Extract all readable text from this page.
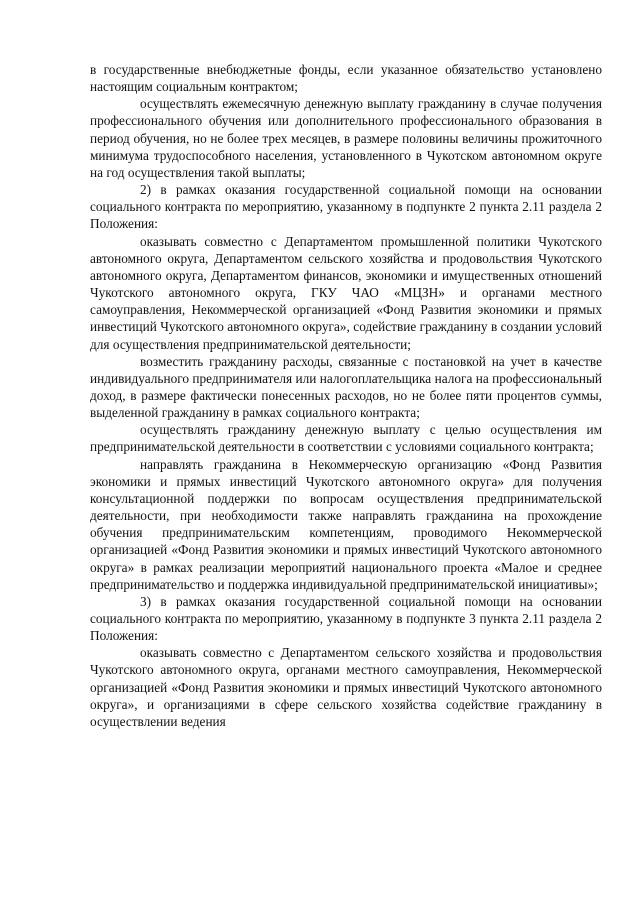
в государственные внебюджетные фонды, если указанное обязательство установлено настоящим социальным контрактом;

осуществлять ежемесячную денежную выплату гражданину в случае получения профессионального обучения или дополнительного профессионального образования в период обучения, но не более трех месяцев, в размере половины величины прожиточного минимума трудоспособного населения, установленного в Чукотском автономном округе на год осуществления такой выплаты;

2) в рамках оказания государственной социальной помощи на основании социального контракта по мероприятию, указанному в подпункте 2 пункта 2.11 раздела 2 Положения:

оказывать совместно с Департаментом промышленной политики Чукотского автономного округа, Департаментом сельского хозяйства и продовольствия Чукотского автономного округа, Департаментом финансов, экономики и имущественных отношений Чукотского автономного округа, ГКУ ЧАО «МЦЗН» и органами местного самоуправления, Некоммерческой организацией «Фонд Развития экономики и прямых инвестиций Чукотского автономного округа», содействие гражданину в создании условий для осуществления предпринимательской деятельности;

возместить гражданину расходы, связанные с постановкой на учет в качестве индивидуального предпринимателя или налогоплательщика налога на профессиональный доход, в размере фактически понесенных расходов, но не более пяти процентов суммы, выделенной гражданину в рамках социального контракта;

осуществлять гражданину денежную выплату с целью осуществления им предпринимательской деятельности в соответствии с условиями социального контракта;

направлять гражданина в Некоммерческую организацию «Фонд Развития экономики и прямых инвестиций Чукотского автономного округа» для получения консультационной поддержки по вопросам осуществления предпринимательской деятельности, при необходимости также направлять гражданина на прохождение обучения предпринимательским компетенциям, проводимого Некоммерческой организацией «Фонд Развития экономики и прямых инвестиций Чукотского автономного округа» в рамках реализации мероприятий национального проекта «Малое и среднее предпринимательство и поддержка индивидуальной предпринимательской инициативы»;

3) в рамках оказания государственной социальной помощи на основании социального контракта по мероприятию, указанному в подпункте 3 пункта 2.11 раздела 2 Положения:

оказывать совместно с Департаментом сельского хозяйства и продовольствия Чукотского автономного округа, органами местного самоуправления, Некоммерческой организацией «Фонд Развития экономики и прямых инвестиций Чукотского автономного округа», и организациями в сфере сельского хозяйства содействие гражданину в осуществлении ведения
